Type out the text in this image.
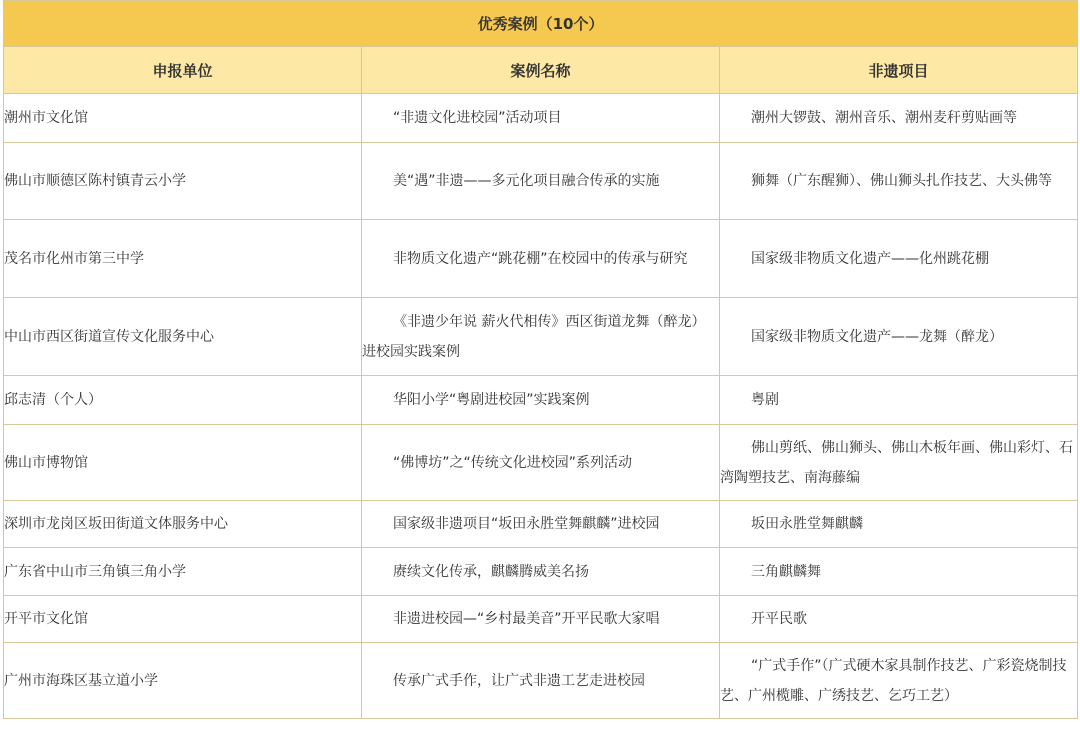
优秀案例（10个）		
申报单位	案例名称	非遗项目
潮州市文化馆	“非遗文化进校园”活动项目	潮州大锣鼓、潮州音乐、潮州麦秆剪贴画等
佛山市顺德区陈村镇青云小学	美“遇”非遗——多元化项目融合传承的实施	狮舞（广东醒狮）、佛山狮头扎作技艺、大头佛等
茂名市化州市第三中学	非物质文化遗产“跳花棚”在校园中的传承与研究	国家级非物质文化遗产——化州跳花棚
中山市西区街道宣传文化服务中心	《非遗少年说 薪火代相传》西区街道龙舞（醉龙）进校园实践案例	国家级非物质文化遗产——龙舞（醉龙）
邱志清（个人）	华阳小学“粤剧进校园”实践案例	粤剧
佛山市博物馆	“佛博坊”之“传统文化进校园”系列活动	佛山剪纸、佛山狮头、佛山木板年画、佛山彩灯、石湾陶塑技艺、南海藤编
深圳市龙岗区坂田街道文体服务中心	国家级非遗项目“坂田永胜堂舞麒麟”进校园	坂田永胜堂舞麒麟
广东省中山市三角镇三角小学	赓续文化传承，麒麟腾威美名扬	三角麒麟舞
开平市文化馆	非遗进校园—“乡村最美音”开平民歌大家唱	开平民歌
广州市海珠区基立道小学	传承广式手作，让广式非遗工艺走进校园	“广式手作”（广式硬木家具制作技艺、广彩瓷烧制技艺、广州榄雕、广绣技艺、乞巧工艺）
